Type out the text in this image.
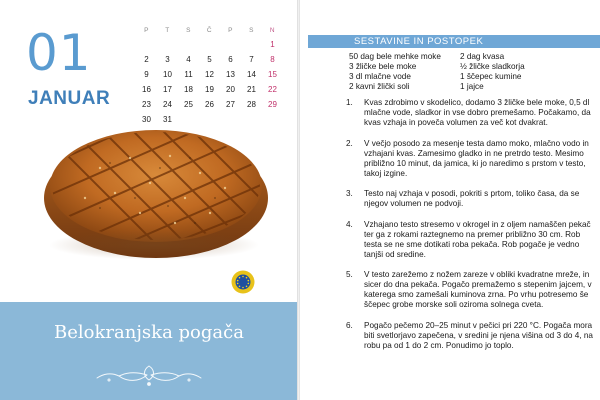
01
JANUAR
P	T	S	Č	P	S	N
						1
2	3	4	5	6	7	8
9	10	11	12	13	14	15
16	17	18	19	20	21	22
23	24	25	26	27	28	29
30	31					
Belokranjska pogača
SESTAVINE IN POSTOPEK
50 dag bele mehke moke	2 dag kvasa
3 žličke bele moke	½ žličke sladkorja
3 dl mlačne vode	1 ščepec kumine
2 kavni žlički soli	1 jajce
1. Kvas zdrobimo v skodelico, dodamo 3 žličke bele moke, 0,5 dl mlačne vode, sladkor in vse dobro premešamo. Počakamo, da kvas vzhaja in poveča volumen za več kot dvakrat.
2. V večjo posodo za mesenje testa damo moko, mlačno vodo in vzhajani kvas. Zamesimo gladko in ne pretrdo testo. Mesimo približno 10 minut, da jamica, ki jo naredimo s prstom v testo, takoj izgine.
3. Testo naj vzhaja v posodi, pokriti s prtom, toliko časa, da se njegov volumen ne podvoji.
4. Vzhajano testo stresemo v okrogel in z oljem namaščen pekač ter ga z rokami raztegnemo na premer približno 30 cm. Rob testa se ne sme dotikati roba pekača. Rob pogače je vedno tanjši od sredine.
5. V testo zarežemo z nožem zareze v obliki kvadratne mreže, in sicer do dna pekača. Pogačo premažemo s stepenim jajcem, v katerega smo zamešali kuminova zrna. Po vrhu potresemo še ščepec grobe morske soli oziroma solnega cveta.
6. Pogačo pečemo 20–25 minut v pečici pri 220 °C. Pogača mora biti svetlorjavo zapečena, v sredini je njena višina od 3 do 4, na robu pa od 1 do 2 cm. Ponudimo jo toplo.
